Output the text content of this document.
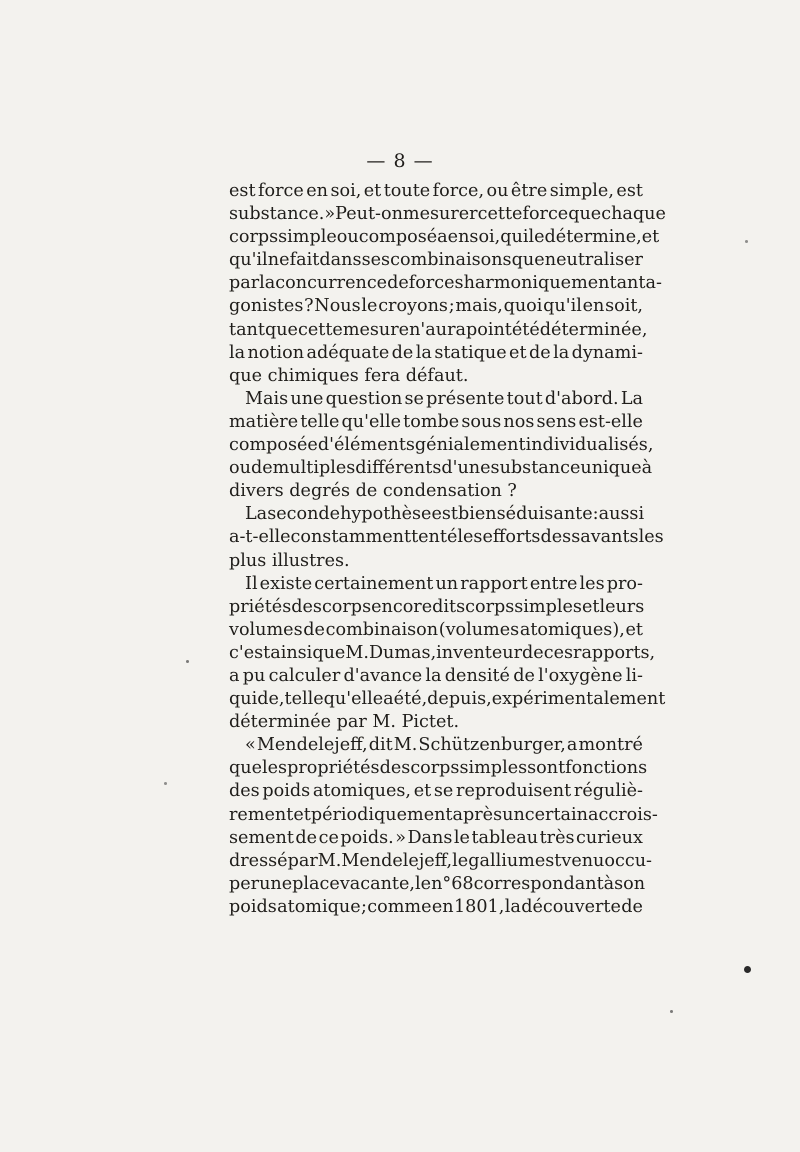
— 8 —
est force en soi, et toute force, ou être simple, est
substance. » Peut-on mesurer cette force que chaque
corps simple ou composé a en soi, qui le détermine, et
qu'il ne fait dans ses combinaisons que neutraliser
par la concurrence de forces harmoniquement anta-
gonistes ? Nous le croyons ; mais, quoi qu'il en soit,
tant que cette mesure n'aura point été déterminée,
la notion adéquate de la statique et de la dynami-
que chimiques fera défaut.
Mais une question se présente tout d'abord. La
matière telle qu'elle tombe sous nos sens est-elle
composée d'éléments génialement individualisés,
ou de multiples différents d'une substance unique à
divers degrés de condensation ?
La seconde hypothèse est bien séduisante : aussi
a-t-elle constamment tenté les efforts des savants les
plus illustres.
Il existe certainement un rapport entre les pro-
priétés des corps encore dits corps simples et leurs
volumes de combinaison (volumes atomiques), et
c'est ainsi que M. Dumas, inventeur de ces rapports,
a pu calculer d'avance la densité de l'oxygène li-
quide, telle qu'elle a été, depuis, expérimentalement
déterminée par M. Pictet.
« Mendelejeff, dit M. Schützenburger, a montré
que les propriétés des corps simples sont fonctions
des poids atomiques, et se reproduisent réguliè-
rement et périodiquement après un certain accrois-
sement de ce poids. » Dans le tableau très curieux
dressé par M. Mendelejeff, le gallium est venu occu-
per une place vacante, le n° 68 correspondant à son
poids atomique ; comme en 1801, la découverte de
